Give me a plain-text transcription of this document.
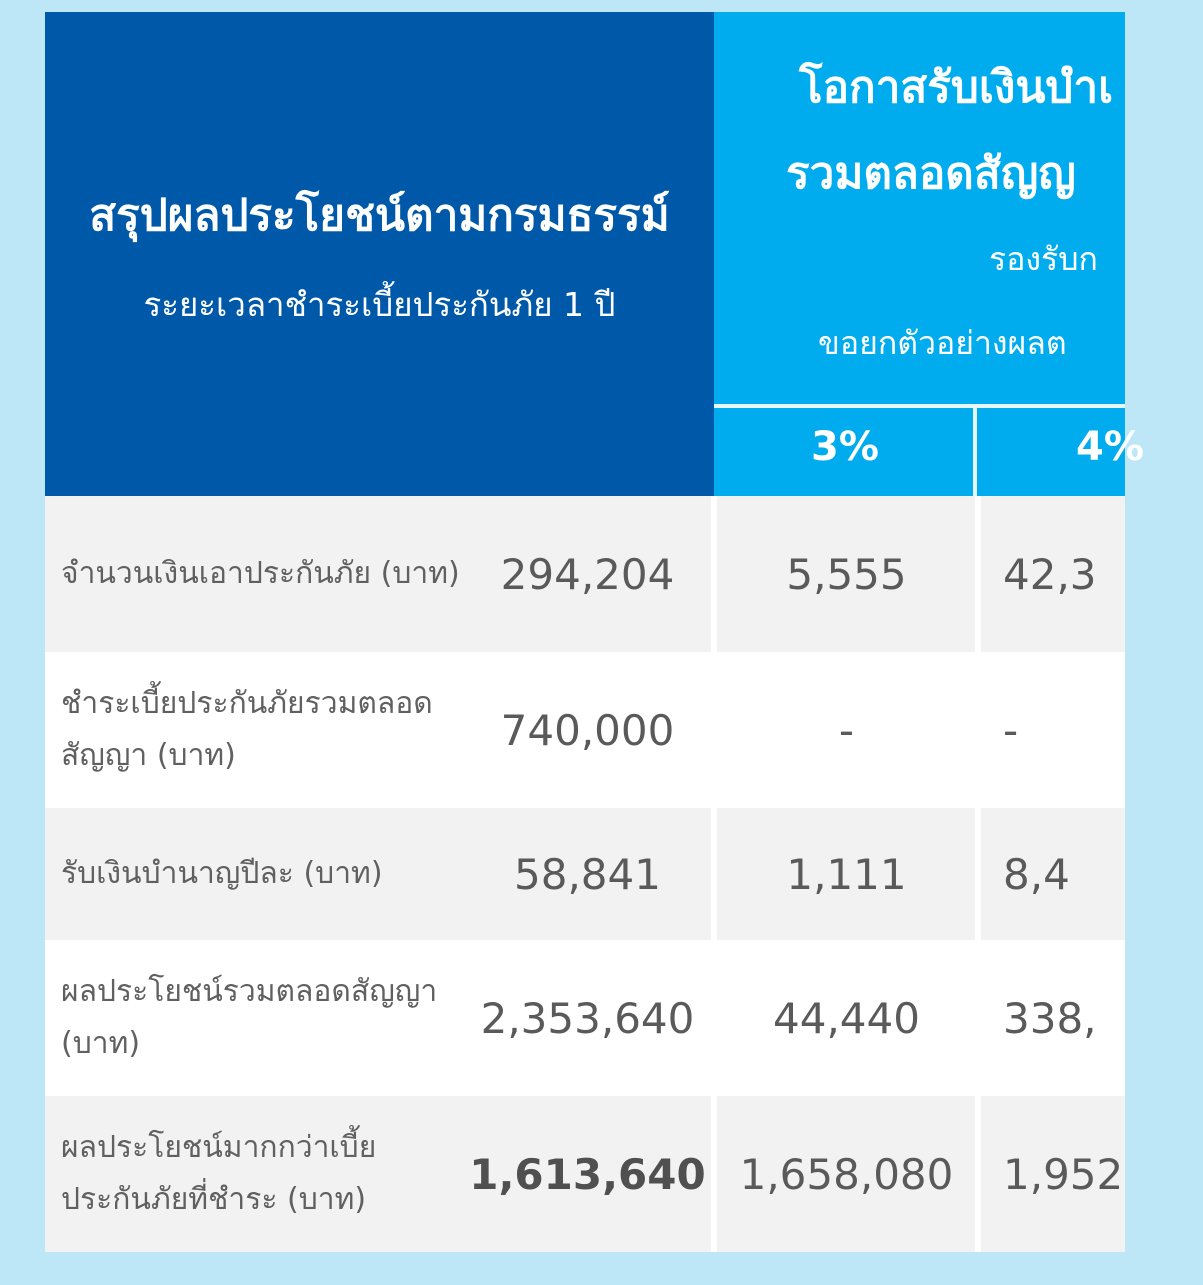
สรุปผลประโยชน์ตามกรมธรรม์
ระยะเวลาชำระเบี้ยประกันภัย 1 ปี
โอกาสรับเงินบำเ
รวมตลอดสัญญ
รองรับก
ขอยกตัวอย่างผลต
3%	4%
จำนวนเงินเอาประกันภัย (บาท) 294,204	5,555	42,3
ชำระเบี้ยประกันภัยรวมตลอดสัญญา (บาท)
740,000	-	-
รับเงินบำนาญปีละ (บาท)	58,841	1,111	8,4
ผลประโยชน์รวมตลอดสัญญา (บาท)
2,353,640	44,440	338,
ผลประโยชน์มากกว่าเบี้ยประกันภัยที่ชำระ (บาท)
1,613,640 1,658,080	1,952
